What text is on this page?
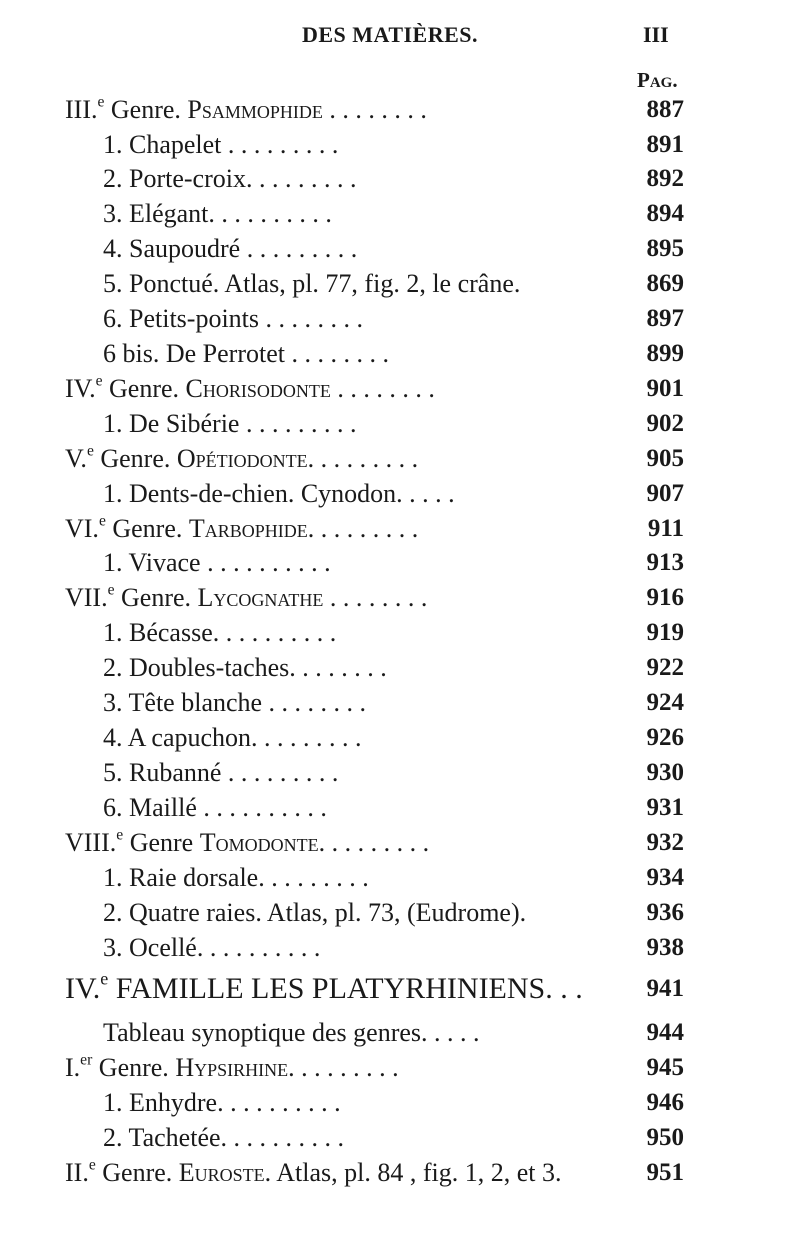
DES MATIÈRES.	III
Pag.
III.$^e$ Genre. Psammophide . . . . . . . .	887
1. Chapelet . . . . . . . . .	891
2. Porte-croix. . . . . . . . .	892
3. Elégant. . . . . . . . . .	894
4. Saupoudré . . . . . . . . .	895
5. Ponctué. Atlas, pl. 77, fig. 2, le crâne.	869
6. Petits-points . . . . . . . .	897
6 bis. De Perrotet . . . . . . . .	899
IV.$^e$ Genre. Chorisodonte . . . . . . . .	901
1. De Sibérie . . . . . . . . .	902
V.$^e$ Genre. Opétiodonte. . . . . . . . .	905
1. Dents-de-chien. Cynodon. . . . .	907
VI.$^e$ Genre. Tarbophide. . . . . . . . .	911
1. Vivace . . . . . . . . . .	913
VII.$^e$ Genre. Lycognathe . . . . . . . .	916
1. Bécasse. . . . . . . . . .	919
2. Doubles-taches. . . . . . . .	922
3. Tête blanche . . . . . . . .	924
4. A capuchon. . . . . . . . .	926
5. Rubanné . . . . . . . . .	930
6. Maillé . . . . . . . . . .	931
VIII.$^e$ Genre Tomodonte. . . . . . . . .	932
1. Raie dorsale. . . . . . . . .	934
2. Quatre raies. Atlas, pl. 73, (Eudrome).	936
3. Ocellé. . . . . . . . . .	938
IV.$^e$ FAMILLE LES PLATYRHINIENS. . .	941
Tableau synoptique des genres. . . . .	944
I.$^{er}$ Genre. Hypsirhine. . . . . . . . .	945
1. Enhydre. . . . . . . . . .	946
2. Tachetée. . . . . . . . . .	950
II.$^e$ Genre. Euroste. Atlas, pl. 84 , fig. 1, 2, et 3.	951
